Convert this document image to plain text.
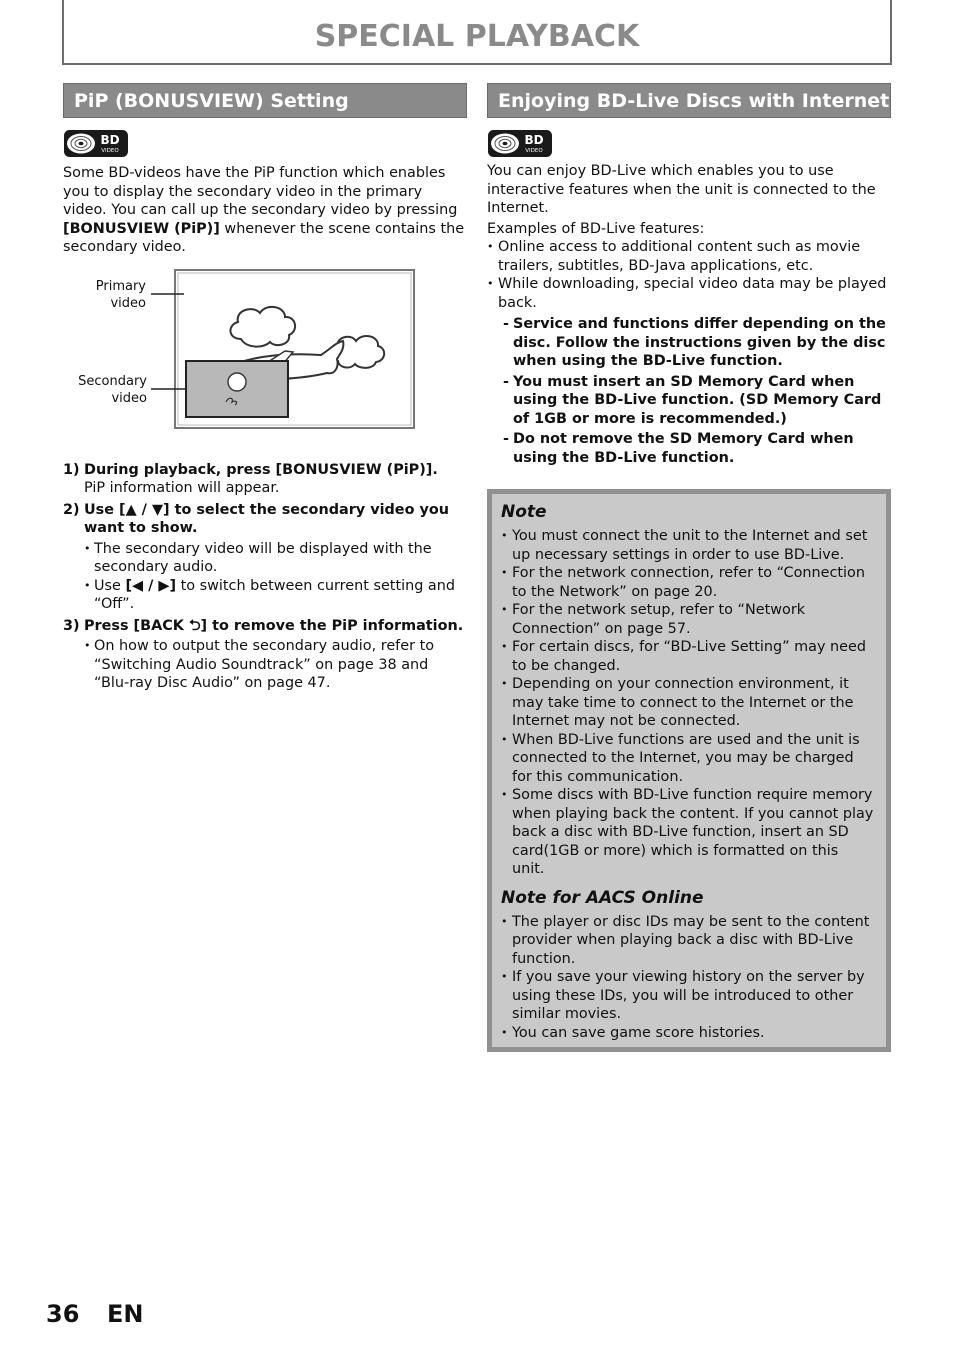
SPECIAL PLAYBACK
PiP (BONUSVIEW) Setting
BD
VIDEO

Some BD-videos have the PiP function which enables you to display the secondary video in the primary video. You can call up the secondary video by pressing [BONUSVIEW (PiP)] whenever the scene contains the secondary video.

Primary
video
Secondary
video
1) During playback, press [BONUSVIEW (PiP)].
PiP information will appear.
2) Use [▲ / ▼] to select the secondary video you want to show.
• The secondary video will be displayed with the secondary audio.
• Use [◀ / ▶] to switch between current setting and “Off”.
3) Press [BACK ⮌] to remove the PiP information.
• On how to output the secondary audio, refer to “Switching Audio Soundtrack” on page 38 and “Blu-ray Disc Audio” on page 47.
Enjoying BD-Live Discs with Internet
BD
VIDEO

You can enjoy BD-Live which enables you to use interactive features when the unit is connected to the Internet.

Examples of BD-Live features:

• Online access to additional content such as movie trailers, subtitles, BD-Java applications, etc.
• While downloading, special video data may be played back.
- Service and functions differ depending on the disc. Follow the instructions given by the disc when using the BD-Live function.
- You must insert an SD Memory Card when using the BD-Live function. (SD Memory Card of 1GB or more is recommended.)
- Do not remove the SD Memory Card when using the BD-Live function.
Note
• You must connect the unit to the Internet and set up necessary settings in order to use BD-Live.
• For the network connection, refer to “Connection to the Network” on page 20.
• For the network setup, refer to “Network Connection” on page 57.
• For certain discs, for “BD-Live Setting” may need to be changed.
• Depending on your connection environment, it may take time to connect to the Internet or the Internet may not be connected.
• When BD-Live functions are used and the unit is connected to the Internet, you may be charged for this communication.
• Some discs with BD-Live function require memory when playing back the content. If you cannot play back a disc with BD-Live function, insert an SD card(1GB or more) which is formatted on this unit.
Note for AACS Online
• The player or disc IDs may be sent to the content provider when playing back a disc with BD-Live function.
• If you save your viewing history on the server by using these IDs, you will be introduced to other similar movies.
• You can save game score histories.
36 EN
